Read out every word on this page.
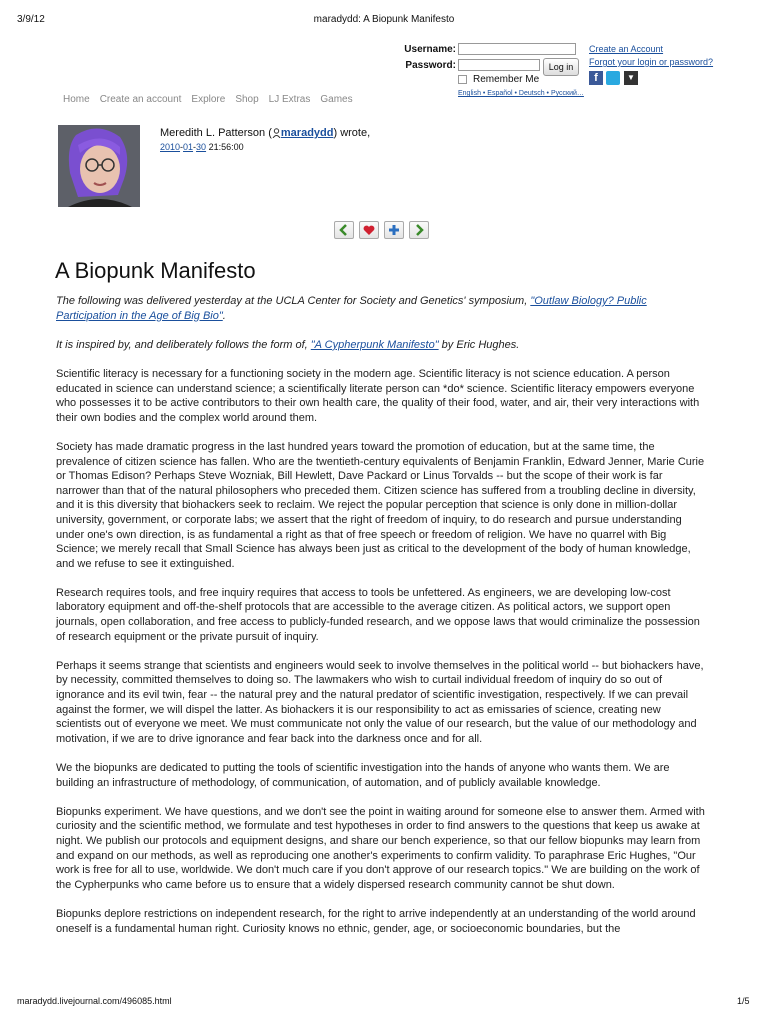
3/9/12	maradydd: A Biopunk Manifesto
Username:
Password:	Log in
Remember Me
Create an Account
Forgot your login or password?
f	▼
English • Español • Deutsch • Русский…
Home Create an account Explore Shop LJ Extras Games
Meredith L. Patterson ( maradydd) wrote,
2010-01-30 21:56:00
A Biopunk Manifesto

The following was delivered yesterday at the UCLA Center for Society and Genetics' symposium, "Outlaw Biology? Public Participation in the Age of Big Bio".

It is inspired by, and deliberately follows the form of, "A Cypherpunk Manifesto" by Eric Hughes.

Scientific literacy is necessary for a functioning society in the modern age. Scientific literacy is not science education. A person educated in science can understand science; a scientifically literate person can *do* science. Scientific literacy empowers everyone who possesses it to be active contributors to their own health care, the quality of their food, water, and air, their very interactions with their own bodies and the complex world around them.

Society has made dramatic progress in the last hundred years toward the promotion of education, but at the same time, the prevalence of citizen science has fallen. Who are the twentieth-century equivalents of Benjamin Franklin, Edward Jenner, Marie Curie or Thomas Edison? Perhaps Steve Wozniak, Bill Hewlett, Dave Packard or Linus Torvalds -- but the scope of their work is far narrower than that of the natural philosophers who preceded them. Citizen science has suffered from a troubling decline in diversity, and it is this diversity that biohackers seek to reclaim. We reject the popular perception that science is only done in million-dollar university, government, or corporate labs; we assert that the right of freedom of inquiry, to do research and pursue understanding under one's own direction, is as fundamental a right as that of free speech or freedom of religion. We have no quarrel with Big Science; we merely recall that Small Science has always been just as critical to the development of the body of human knowledge, and we refuse to see it extinguished.

Research requires tools, and free inquiry requires that access to tools be unfettered. As engineers, we are developing low-cost laboratory equipment and off-the-shelf protocols that are accessible to the average citizen. As political actors, we support open journals, open collaboration, and free access to publicly-funded research, and we oppose laws that would criminalize the possession of research equipment or the private pursuit of inquiry.

Perhaps it seems strange that scientists and engineers would seek to involve themselves in the political world -- but biohackers have, by necessity, committed themselves to doing so. The lawmakers who wish to curtail individual freedom of inquiry do so out of ignorance and its evil twin, fear -- the natural prey and the natural predator of scientific investigation, respectively. If we can prevail against the former, we will dispel the latter. As biohackers it is our responsibility to act as emissaries of science, creating new scientists out of everyone we meet. We must communicate not only the value of our research, but the value of our methodology and motivation, if we are to drive ignorance and fear back into the darkness once and for all.

We the biopunks are dedicated to putting the tools of scientific investigation into the hands of anyone who wants them. We are building an infrastructure of methodology, of communication, of automation, and of publicly available knowledge.

Biopunks experiment. We have questions, and we don't see the point in waiting around for someone else to answer them. Armed with curiosity and the scientific method, we formulate and test hypotheses in order to find answers to the questions that keep us awake at night. We publish our protocols and equipment designs, and share our bench experience, so that our fellow biopunks may learn from and expand on our methods, as well as reproducing one another's experiments to confirm validity. To paraphrase Eric Hughes, "Our work is free for all to use, worldwide. We don't much care if you don't approve of our research topics." We are building on the work of the Cypherpunks who came before us to ensure that a widely dispersed research community cannot be shut down.

Biopunks deplore restrictions on independent research, for the right to arrive independently at an understanding of the world around oneself is a fundamental human right. Curiosity knows no ethnic, gender, age, or socioeconomic boundaries, but the

maradydd.livejournal.com/496085.html	1/5
